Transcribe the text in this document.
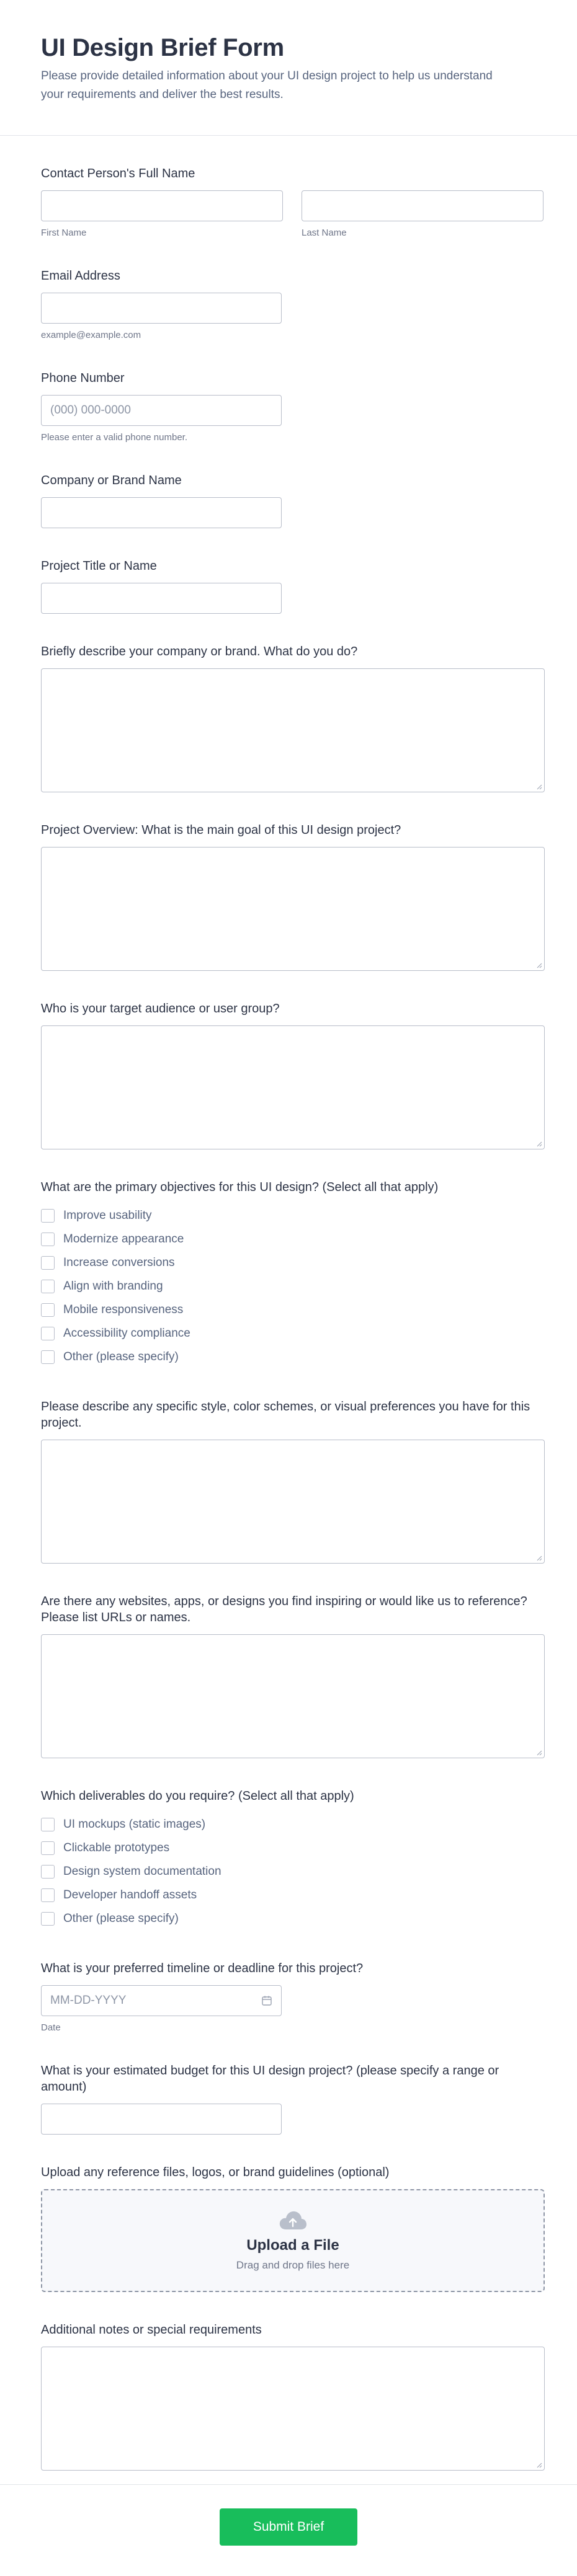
UI Design Brief Form

Please provide detailed information about your UI design project to help us understand your requirements and deliver the best results.

Contact Person's Full Name
First Name	Last Name
Email Address
example@example.com
Phone Number
(000) 000-0000
Please enter a valid phone number.
Company or Brand Name
Project Title or Name
Briefly describe your company or brand. What do you do?
Project Overview: What is the main goal of this UI design project?
Who is your target audience or user group?
What are the primary objectives for this UI design? (Select all that apply)
Improve usability
Modernize appearance
Increase conversions
Align with branding
Mobile responsiveness
Accessibility compliance
Other (please specify)
Please describe any specific style, color schemes, or visual preferences you have for this project.
Are there any websites, apps, or designs you find inspiring or would like us to reference? Please list URLs or names.
Which deliverables do you require? (Select all that apply)
UI mockups (static images)
Clickable prototypes
Design system documentation
Developer handoff assets
Other (please specify)
What is your preferred timeline or deadline for this project?
MM-DD-YYYY
Date
What is your estimated budget for this UI design project? (please specify a range or amount)
Upload any reference files, logos, or brand guidelines (optional)
Upload a File
Drag and drop files here
Additional notes or special requirements
Submit Brief
